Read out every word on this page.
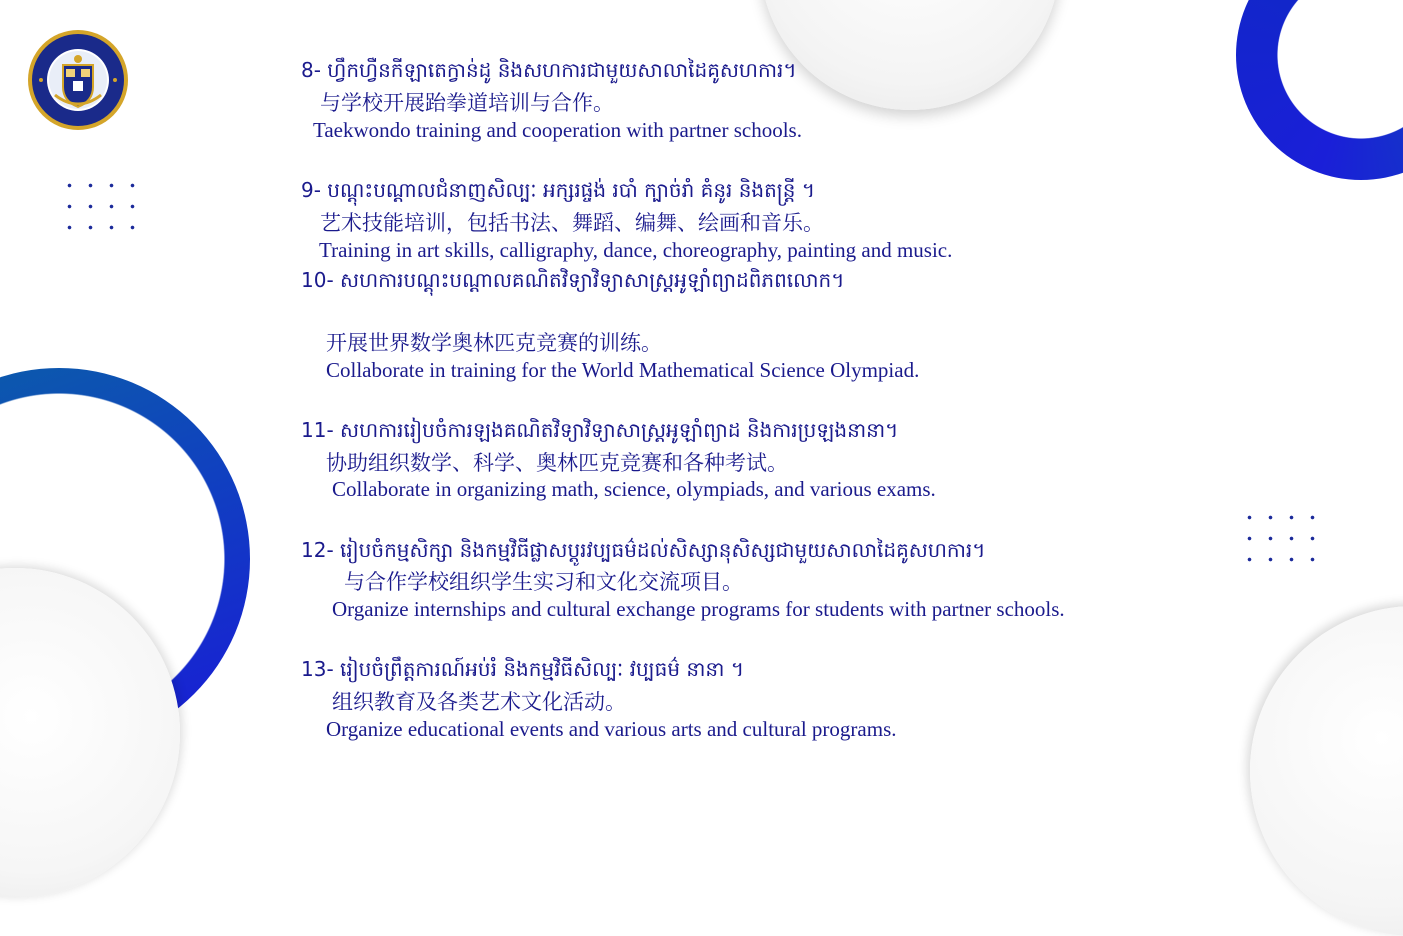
8- ហ្វឹកហ្វឺនកីឡាតេក្វាន់ដូ និងសហការជាមួយសាលាដៃគូសហការ។
与学校开展跆拳道培训与合作。
Taekwondo training and cooperation with partner schools.
9- បណ្ដុះបណ្ដាលជំនាញសិល្បៈ អក្សរផ្ចង់ របាំ ក្បាច់រាំ គំនូរ និងតន្ត្រី ។
艺术技能培训，包括书法、舞蹈、编舞、绘画和音乐。
Training in art skills, calligraphy, dance, choreography, painting and music.
10- សហការបណ្ដុះបណ្ដាលគណិតវិទ្យាវិទ្យាសាស្ត្រអូឡាំព្យាដពិភពលោក។
开展世界数学奥林匹克竞赛的训练。
Collaborate in training for the World Mathematical Science Olympiad.
11- សហការរៀបចំការឡងគណិតវិទ្យាវិទ្យាសាស្ត្រអូឡាំព្យាដ និងការប្រឡងនានា។
协助组织数学、科学、奥林匹克竞赛和各种考试。
Collaborate in organizing math, science, olympiads, and various exams.
12- រៀបចំកម្មសិក្សា និងកម្មវិធីផ្លាសប្តូរវប្បធម៌ដល់សិស្សានុសិស្សជាមួយសាលាដៃគូសហការ។
与合作学校组织学生实习和文化交流项目。
Organize internships and cultural exchange programs for students with partner schools.
13- រៀបចំព្រឹត្តការណ៍អប់រំ និងកម្មវិធីសិល្បៈ វប្បធម៌ នានា ។
组织教育及各类艺术文化活动。
Organize educational events and various arts and cultural programs.
